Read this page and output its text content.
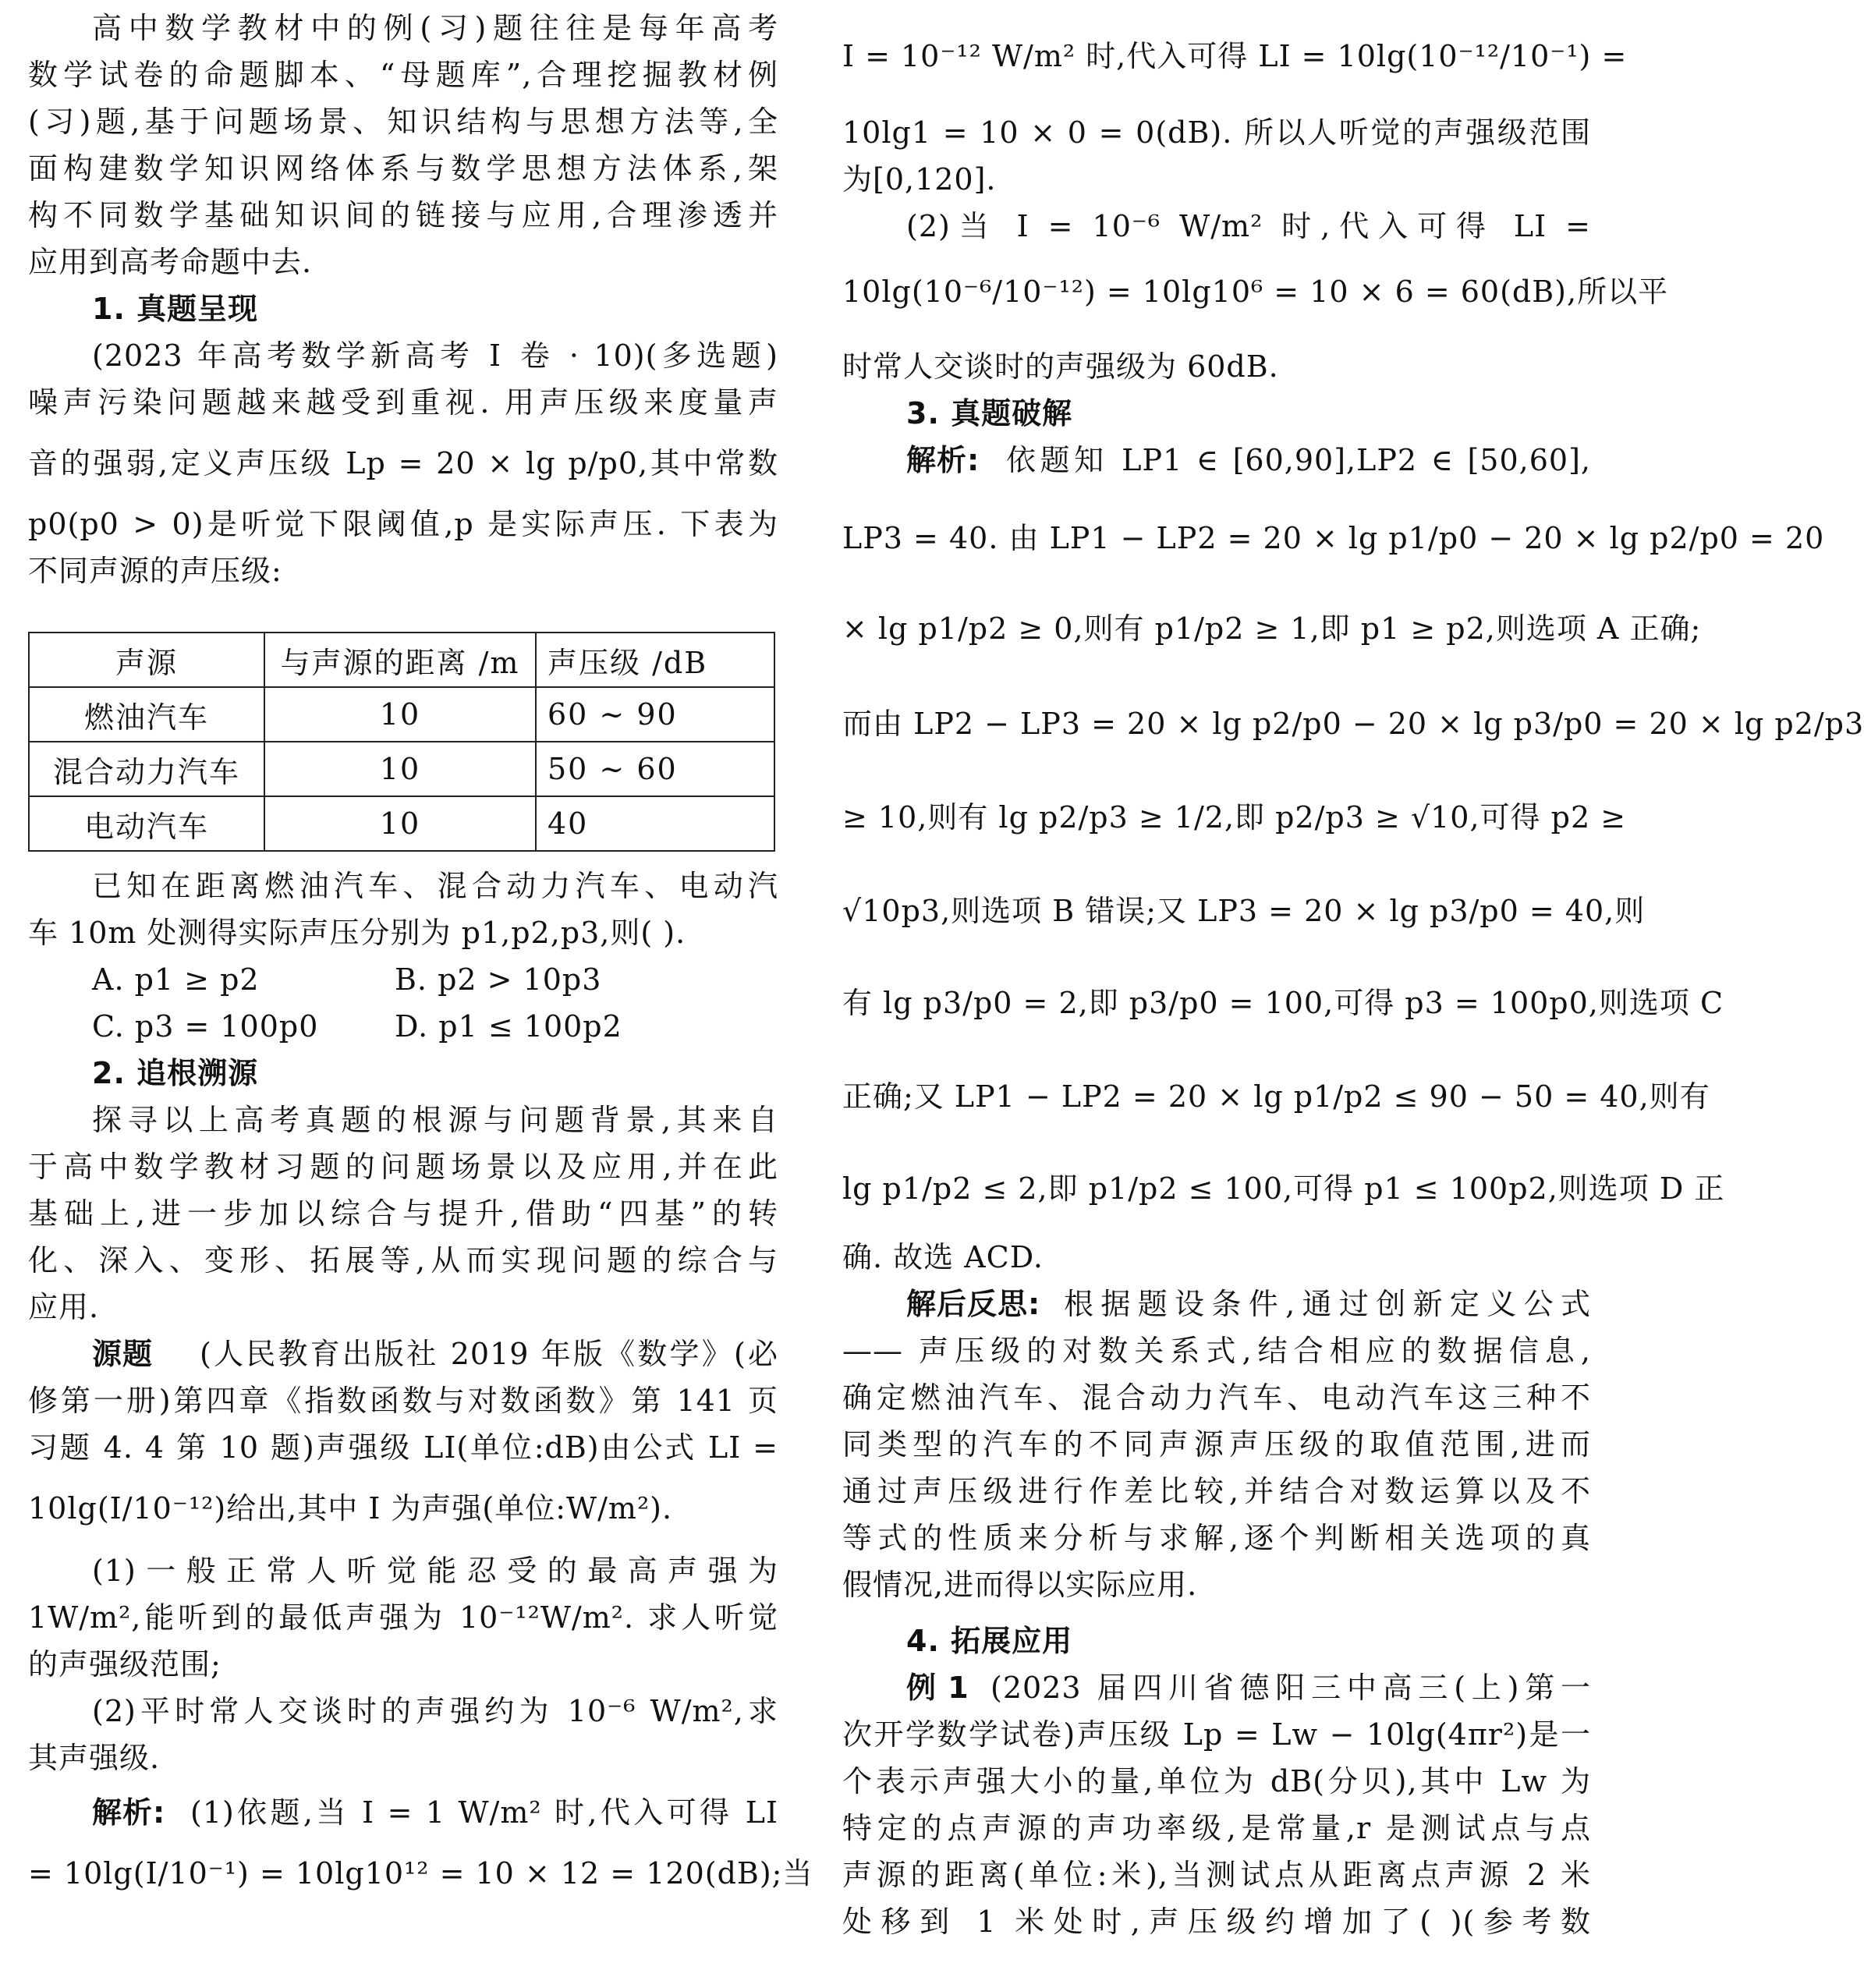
高中数学教材中的例(习)题往往是每年高考
数学试卷的命题脚本、“母题库”,合理挖掘教材例
(习)题,基于问题场景、知识结构与思想方法等,全
面构建数学知识网络体系与数学思想方法体系,架
构不同数学基础知识间的链接与应用,合理渗透并
应用到高考命题中去.
1. 真题呈现
(2023 年高考数学新高考 Ⅰ 卷 · 10)(多选题)
噪声污染问题越来越受到重视. 用声压级来度量声
音的强弱,定义声压级 Lp = 20 × lg p/p0,其中常数
p0(p0 > 0)是听觉下限阈值,p 是实际声压. 下表为
不同声源的声压级:
声源	与声源的距离 /m	声压级 /dB
燃油汽车	10	60 ~ 90
混合动力汽车	10	50 ~ 60
电动汽车	10	40
已知在距离燃油汽车、混合动力汽车、电动汽
车 10m 处测得实际声压分别为 p1,p2,p3,则( ).
A. p1 ≥ p2	B. p2 > 10p3
C. p3 = 100p0	D. p1 ≤ 100p2
2. 追根溯源
探寻以上高考真题的根源与问题背景,其来自
于高中数学教材习题的问题场景以及应用,并在此
基础上,进一步加以综合与提升,借助“四基”的转
化、深入、变形、拓展等,从而实现问题的综合与
应用.
源题	(人民教育出版社 2019 年版《数学》(必
修第一册)第四章《指数函数与对数函数》第 141 页
习题 4. 4 第 10 题)声强级 LI(单位:dB)由公式 LI =
10lg(I/10⁻¹²)给出,其中 I 为声强(单位:W/m²).
(1)一般正常人听觉能忍受的最高声强为
1W/m²,能听到的最低声强为 10⁻¹²W/m². 求人听觉
的声强级范围;
(2)平时常人交谈时的声强约为 10⁻⁶ W/m²,求
其声强级.
解析: (1)依题,当 I = 1 W/m² 时,代入可得 LI
= 10lg(I/10⁻¹) = 10lg10¹² = 10 × 12 = 120(dB);当
I = 10⁻¹² W/m² 时,代入可得 LI = 10lg(10⁻¹²/10⁻¹) =
10lg1 = 10 × 0 = 0(dB). 所以人听觉的声强级范围
为[0,120].
(2)当 I = 10⁻⁶ W/m² 时,代入可得 LI =
10lg(10⁻⁶/10⁻¹²) = 10lg10⁶ = 10 × 6 = 60(dB),所以平
时常人交谈时的声强级为 60dB.
3. 真题破解
解析: 依题知 LP1 ∈ [60,90],LP2 ∈ [50,60],
LP3 = 40. 由 LP1 − LP2 = 20 × lg p1/p0 − 20 × lg p2/p0 = 20
× lg p1/p2 ≥ 0,则有 p1/p2 ≥ 1,即 p1 ≥ p2,则选项 A 正确;
而由 LP2 − LP3 = 20 × lg p2/p0 − 20 × lg p3/p0 = 20 × lg p2/p3
≥ 10,则有 lg p2/p3 ≥ 1/2,即 p2/p3 ≥ √10,可得 p2 ≥
√10p3,则选项 B 错误;又 LP3 = 20 × lg p3/p0 = 40,则
有 lg p3/p0 = 2,即 p3/p0 = 100,可得 p3 = 100p0,则选项 C
正确;又 LP1 − LP2 = 20 × lg p1/p2 ≤ 90 − 50 = 40,则有
lg p1/p2 ≤ 2,即 p1/p2 ≤ 100,可得 p1 ≤ 100p2,则选项 D 正
确. 故选 ACD.
解后反思: 根据题设条件,通过创新定义公式
—— 声压级的对数关系式,结合相应的数据信息,
确定燃油汽车、混合动力汽车、电动汽车这三种不
同类型的汽车的不同声源声压级的取值范围,进而
通过声压级进行作差比较,并结合对数运算以及不
等式的性质来分析与求解,逐个判断相关选项的真
假情况,进而得以实际应用.
4. 拓展应用
例 1 (2023 届四川省德阳三中高三(上)第一
次开学数学试卷)声压级 Lp = Lw − 10lg(4πr²)是一
个表示声强大小的量,单位为 dB(分贝),其中 Lw 为
特定的点声源的声功率级,是常量,r 是测试点与点
声源的距离(单位:米),当测试点从距离点声源 2 米
处移到 1 米处时,声压级约增加了( )(参考数
